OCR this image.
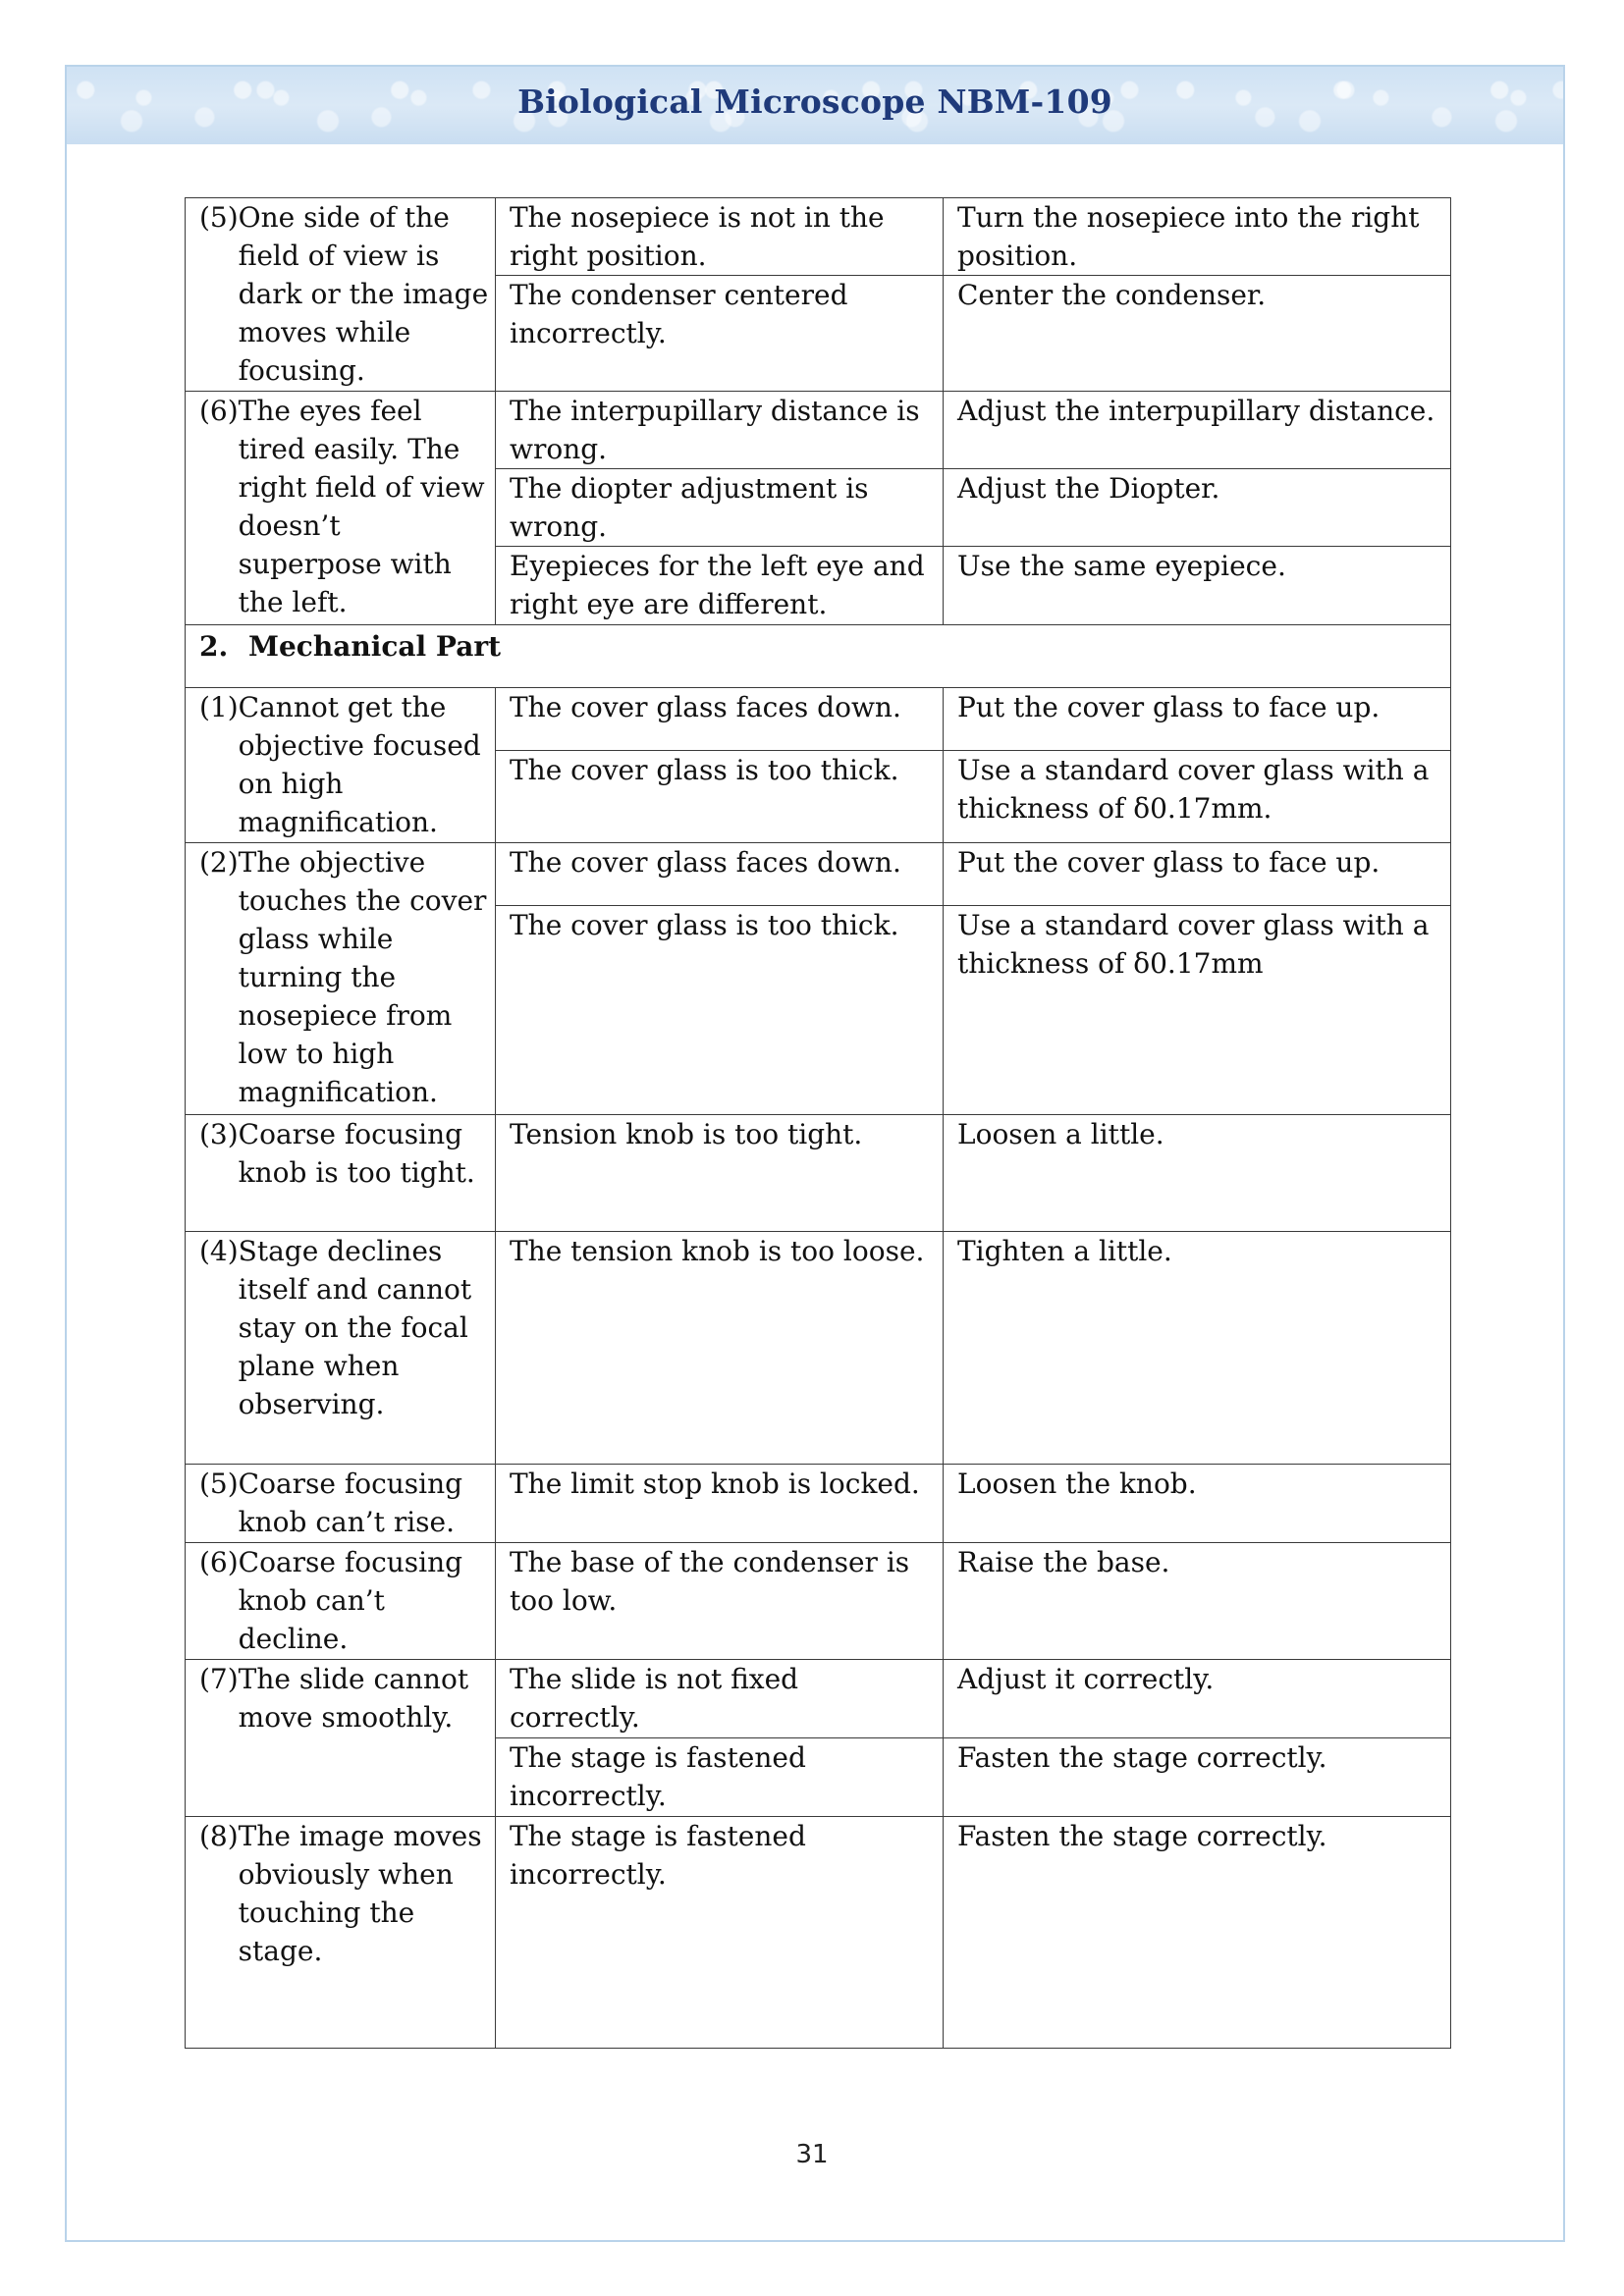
Biological Microscope NBM-109
(5) One side of the field of view is dark or the image moves while focusing.	The nosepiece is not in the right position.	Turn the nosepiece into the right position.
	The condenser centered incorrectly.	Center the condenser.

(6) The eyes feel tired easily. The right field of view doesn’t superpose with the left.	The interpupillary distance is wrong.	Adjust the interpupillary distance.
	The diopter adjustment is wrong.	Adjust the Diopter.
	Eyepieces for the left eye and right eye are different.	Use the same eyepiece.
2. Mechanical Part		

(1) Cannot get the objective focused on high magnification.	The cover glass faces down.	Put the cover glass to face up.
	The cover glass is too thick.	Use a standard cover glass with a thickness of δ0.17mm.

(2) The objective touches the cover glass while turning the nosepiece from low to high magnification.	The cover glass faces down.	Put the cover glass to face up.
	The cover glass is too thick.	Use a standard cover glass with a thickness of δ0.17mm

(3) Coarse focusing knob is too tight.	Tension knob is too tight.	Loosen a little.

(4) Stage declines itself and cannot stay on the focal plane when observing.	The tension knob is too loose.	Tighten a little.

(5) Coarse focusing knob can’t rise.	The limit stop knob is locked.	Loosen the knob.

(6) Coarse focusing knob can’t decline.	The base of the condenser is too low.	Raise the base.

(7) The slide cannot move smoothly.	The slide is not fixed correctly.	Adjust it correctly.
	The stage is fastened incorrectly.	Fasten the stage correctly.

(8) The image moves obviously when touching the stage.	The stage is fastened incorrectly.	Fasten the stage correctly.
31
